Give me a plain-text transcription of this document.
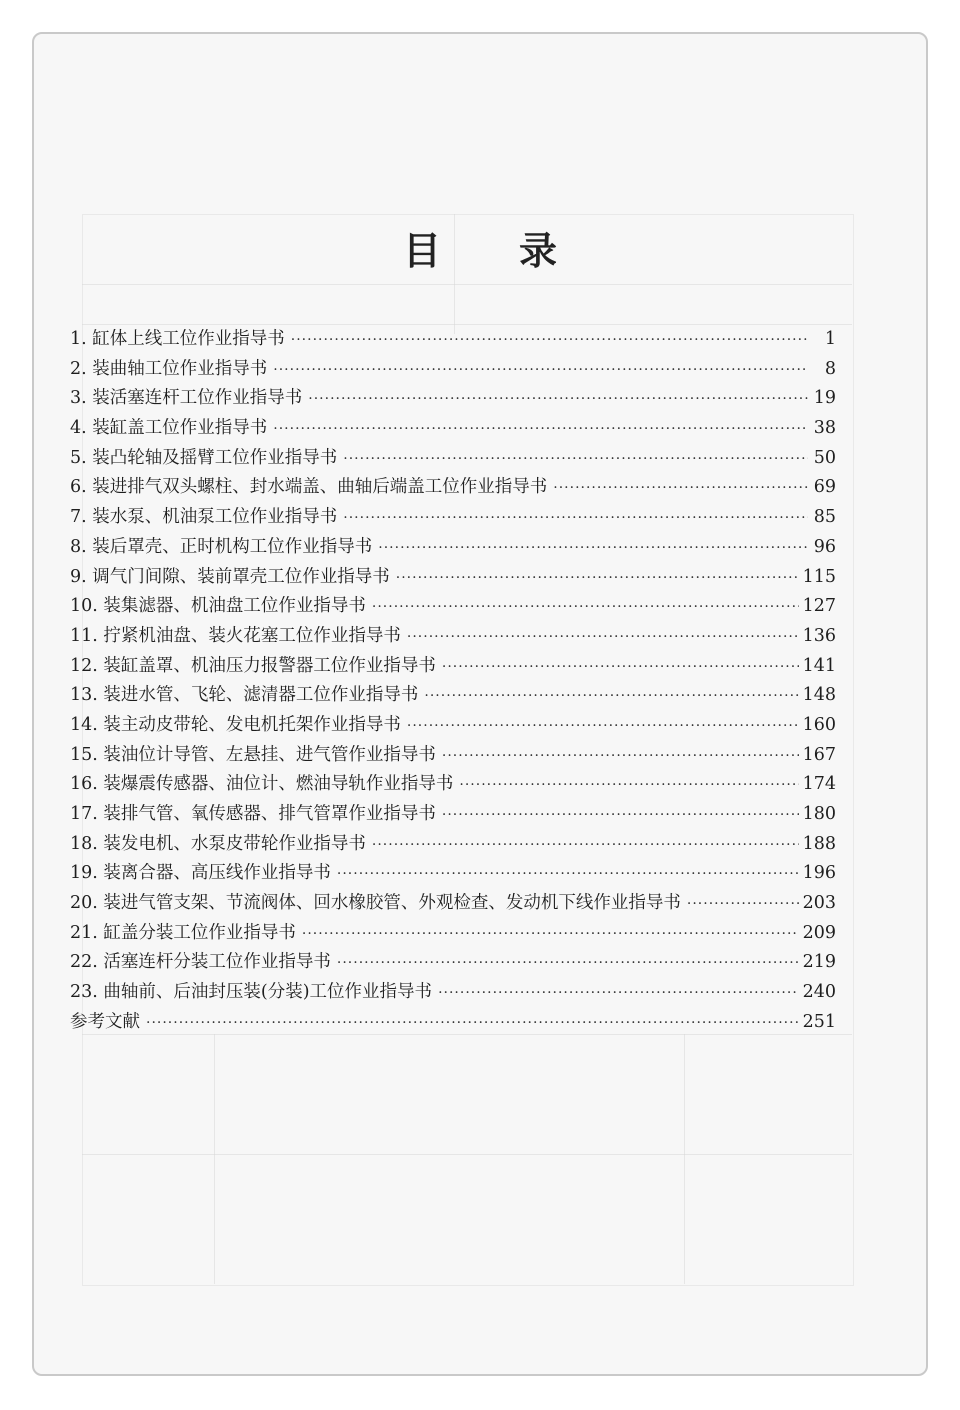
目 录
1. 缸体上线工位作业指导书 ·····	1
2. 装曲轴工位作业指导书 ·····	8
3. 装活塞连杆工位作业指导书 ·····	19
4. 装缸盖工位作业指导书 ·····	38
5. 装凸轮轴及摇臂工位作业指导书 ·····	50
6. 装进排气双头螺柱、封水端盖、曲轴后端盖工位作业指导书 ·····	69
7. 装水泵、机油泵工位作业指导书 ·····	85
8. 装后罩壳、正时机构工位作业指导书 ·····	96
9. 调气门间隙、装前罩壳工位作业指导书 ·····	115
10. 装集滤器、机油盘工位作业指导书 ·····	127
11. 拧紧机油盘、装火花塞工位作业指导书 ·····	136
12. 装缸盖罩、机油压力报警器工位作业指导书 ·····	141
13. 装进水管、飞轮、滤清器工位作业指导书 ·····	148
14. 装主动皮带轮、发电机托架作业指导书 ·····	160
15. 装油位计导管、左悬挂、进气管作业指导书 ·····	167
16. 装爆震传感器、油位计、燃油导轨作业指导书 ·····	174
17. 装排气管、氧传感器、排气管罩作业指导书 ·····	180
18. 装发电机、水泵皮带轮作业指导书 ·····	188
19. 装离合器、高压线作业指导书 ·····	196
20. 装进气管支架、节流阀体、回水橡胶管、外观检查、发动机下线作业指导书 ·····	203
21. 缸盖分装工位作业指导书 ·····	209
22. 活塞连杆分装工位作业指导书 ·····	219
23. 曲轴前、后油封压装(分装)工位作业指导书 ·····	240
参考文献 ·····	251
